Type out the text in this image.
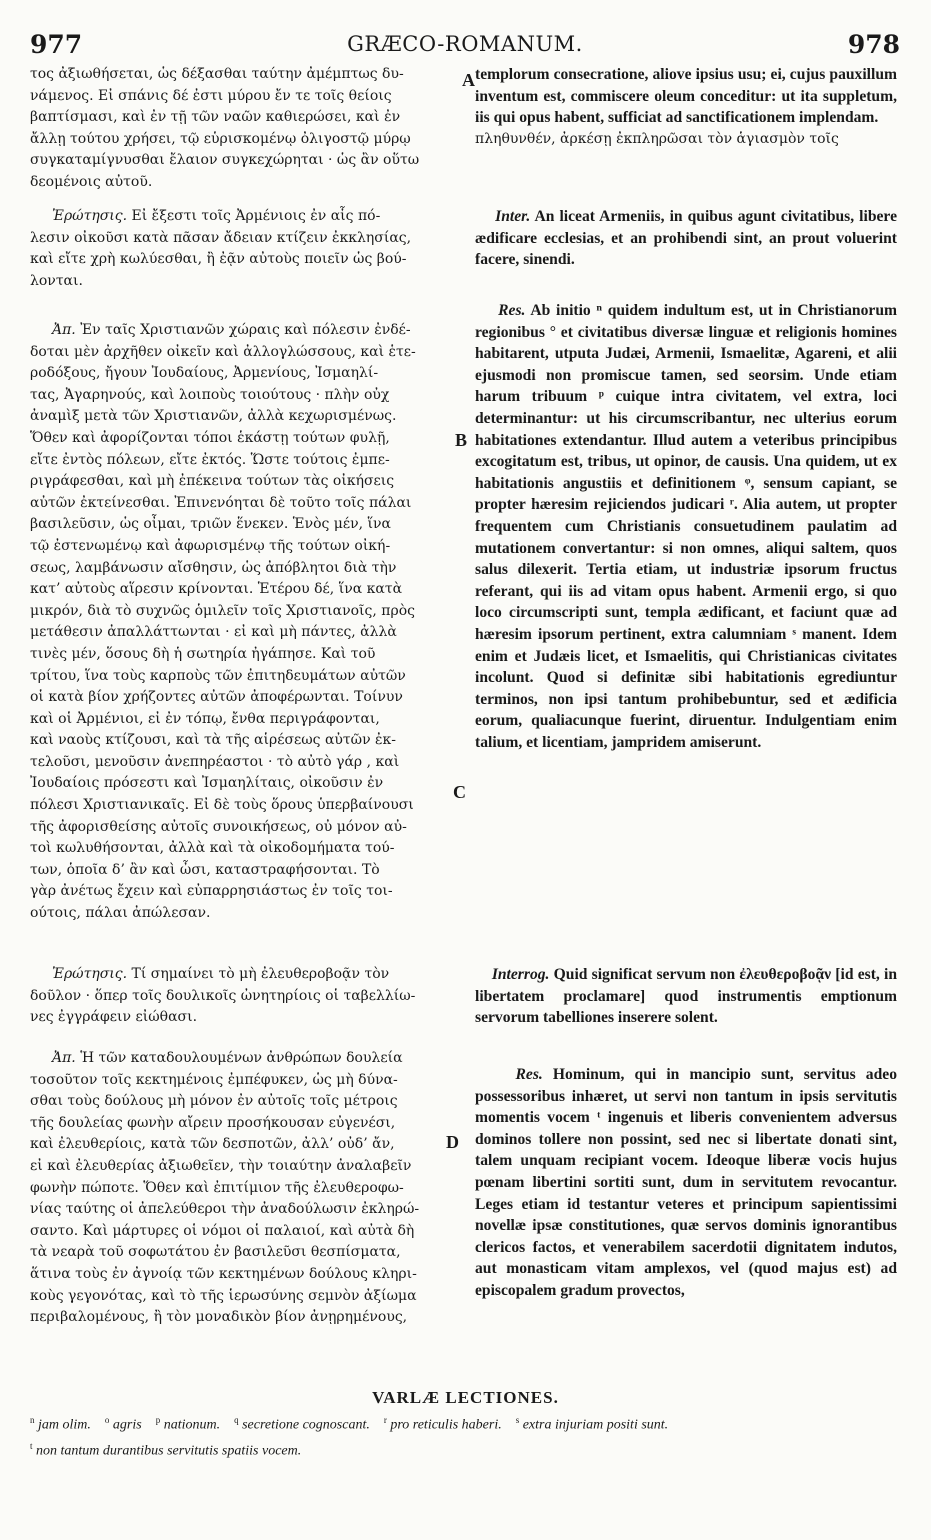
977	GRÆCO-ROMANUM.	978
A
B
C
D
τος ἀξιωθήσεται, ὡς δέξασθαι ταύτην ἀμέμπτως δυ-
νάμενος. Εἰ σπάνις δέ ἐστι μύρου ἔν τε τοῖς θείοις
βαπτίσμασι, καὶ ἐν τῇ τῶν ναῶν καθιερώσει, καὶ ἐν
ἄλλῃ τούτου χρήσει, τῷ εὑρισκομένῳ ὀλιγοστῷ μύρῳ
συγκαταμίγνυσθαι ἔλαιον συγκεχώρηται · ὡς ἂν οὕτω
δεομένοις αὐτοῦ.
Ἐρώτησις. Εἰ ἔξεστι τοῖς Ἀρμένιοις ἐν αἷς πό-
λεσιν οἰκοῦσι κατὰ πᾶσαν ἄδειαν κτίζειν ἐκκλησίας,
καὶ εἴτε χρὴ κωλύεσθαι, ἢ ἐᾷν αὐτοὺς ποιεῖν ὡς βού-
λονται.
Ἀπ. Ἐν ταῖς Χριστιανῶν χώραις καὶ πόλεσιν ἐνδέ-
δοται μὲν ἀρχῆθεν οἰκεῖν καὶ ἀλλογλώσσους, καὶ ἑτε-
ροδόξους, ἤγουν Ἰουδαίους, Ἀρμενίους, Ἰσμαηλί-
τας, Ἀγαρηνούς, καὶ λοιποὺς τοιούτους · πλὴν οὐχ
ἀναμὶξ μετὰ τῶν Χριστιανῶν, ἀλλὰ κεχωρισμένως.
Ὅθεν καὶ ἀφορίζονται τόποι ἑκάστῃ τούτων φυλῇ,
εἴτε ἐντὸς πόλεων, εἴτε ἐκτός. Ὥστε τούτοις ἐμπε-
ριγράφεσθαι, καὶ μὴ ἐπέκεινα τούτων τὰς οἰκήσεις
αὐτῶν ἐκτείνεσθαι. Ἐπινενόηται δὲ τοῦτο τοῖς πάλαι
βασιλεῦσιν, ὡς οἶμαι, τριῶν ἕνεκεν. Ἑνὸς μέν, ἵνα
τῷ ἐστενωμένῳ καὶ ἀφωρισμένῳ τῆς τούτων οἰκή-
σεως, λαμβάνωσιν αἴσθησιν, ὡς ἀπόβλητοι διὰ τὴν
κατ’ αὐτοὺς αἵρεσιν κρίνονται. Ἑτέρου δέ, ἵνα κατὰ
μικρόν, διὰ τὸ συχνῶς ὁμιλεῖν τοῖς Χριστιανοῖς, πρὸς
μετάθεσιν ἀπαλλάττωνται · εἰ καὶ μὴ πάντες, ἀλλὰ
τινὲς μέν, ὅσους δὴ ἡ σωτηρία ἠγάπησε. Καὶ τοῦ
τρίτου, ἵνα τοὺς καρποὺς τῶν ἐπιτηδευμάτων αὐτῶν
οἱ κατὰ βίον χρήζοντες αὐτῶν ἀποφέρωνται. Τοίνυν
καὶ οἱ Ἀρμένιοι, εἰ ἐν τόπῳ, ἔνθα περιγράφονται,
καὶ ναοὺς κτίζουσι, καὶ τὰ τῆς αἱρέσεως αὐτῶν ἐκ-
τελοῦσι, μενοῦσιν ἀνεπηρέαστοι · τὸ αὐτὸ γάρ , καὶ
Ἰουδαίοις πρόσεστι καὶ Ἰσμαηλίταις, οἰκοῦσιν ἐν
πόλεσι Χριστιανικαῖς. Εἰ δὲ τοὺς ὅρους ὑπερβαίνουσι
τῆς ἀφορισθείσης αὐτοῖς συνοικήσεως, οὐ μόνον αὐ-
τοὶ κωλυθήσονται, ἀλλὰ καὶ τὰ οἰκοδομήματα τού-
των, ὁποῖα δ’ ἂν καὶ ὦσι, καταστραφήσονται. Τὸ
γὰρ ἀνέτως ἔχειν καὶ εὐπαρρησιάστως ἐν τοῖς τοι-
ούτοις, πάλαι ἀπώλεσαν.
Ἐρώτησις. Τί σημαίνει τὸ μὴ ἐλευθεροβοᾷν τὸν
δοῦλον · ὅπερ τοῖς δουλικοῖς ὠνητηρίοις οἱ ταβελλίω-
νες ἐγγράφειν εἰώθασι.
Ἀπ. Ἡ τῶν καταδουλουμένων ἀνθρώπων δουλεία
τοσοῦτον τοῖς κεκτημένοις ἐμπέφυκεν, ὡς μὴ δύνα-
σθαι τοὺς δούλους μὴ μόνον ἐν αὐτοῖς τοῖς μέτροις
τῆς δουλείας φωνὴν αἴρειν προσήκουσαν εὐγενέσι,
καὶ ἐλευθερίοις, κατὰ τῶν δεσποτῶν, ἀλλ’ οὐδ’ ἄν,
εἰ καὶ ἐλευθερίας ἀξιωθεῖεν, τὴν τοιαύτην ἀναλαβεῖν
φωνὴν πώποτε. Ὅθεν καὶ ἐπιτίμιον τῆς ἐλευθεροφω-
νίας ταύτης οἱ ἀπελεύθεροι τὴν ἀναδούλωσιν ἐκληρώ-
σαντο. Καὶ μάρτυρες οἱ νόμοι οἱ παλαιοί, καὶ αὐτὰ δὴ
τὰ νεαρὰ τοῦ σοφωτάτου ἐν βασιλεῦσι θεσπίσματα,
ἅτινα τοὺς ἐν ἀγνοίᾳ τῶν κεκτημένων δούλους κληρι-
κοὺς γεγονότας, καὶ τὸ τῆς ἱερωσύνης σεμνὸν ἀξίωμα
περιβαλομένους, ἢ τὸν μοναδικὸν βίον ἀνῃρημένους,
templorum consecratione, aliove ipsius usu; ei, cujus pauxillum inventum est, commiscere oleum conceditur: ut ita suppletum, iis qui opus habent, sufficiat ad sanctificationem implendam.
πληθυνθέν, ἀρκέσῃ ἐκπληρῶσαι τὸν ἁγιασμὸν τοῖς
Inter. An liceat Armeniis, in quibus agunt civitatibus, libere ædificare ecclesias, et an prohibendi sint, an prout voluerint facere, sinendi.
Res. Ab initio ⁿ quidem indultum est, ut in Christianorum regionibus ° et civitatibus diversæ linguæ et religionis homines habitarent, utputa Judæi, Armenii, Ismaelitæ, Agareni, et alii ejusmodi non promiscue tamen, sed seorsim. Unde etiam harum tribuum ᵖ cuique intra civitatem, vel extra, loci determinantur: ut his circumscribantur, nec ulterius eorum habitationes extendantur. Illud autem a veteribus principibus excogitatum est, tribus, ut opinor, de causis. Una quidem, ut ex habitationis angustiis et definitionem ᵠ, sensum capiant, se propter hæresim rejiciendos judicari ʳ. Alia autem, ut propter frequentem cum Christianis consuetudinem paulatim ad mutationem convertantur: si non omnes, aliqui saltem, quos salus dilexerit. Tertia etiam, ut industriæ ipsorum fructus referant, qui iis ad vitam opus habent. Armenii ergo, si quo loco circumscripti sunt, templa ædificant, et faciunt quæ ad hæresim ipsorum pertinent, extra calumniam ˢ manent. Idem enim et Judæis licet, et Ismaelitis, qui Christianicas civitates incolunt. Quod si definitæ sibi habitationis egrediuntur terminos, non ipsi tantum prohibebuntur, sed et ædificia eorum, qualiacunque fuerint, diruentur. Indulgentiam enim talium, et licentiam, jampridem amiserunt.
Interrog. Quid significat servum non ἐλευθεροβοᾷν [id est, in libertatem proclamare] quod instrumentis emptionum servorum tabelliones inserere solent.
Res. Hominum, qui in mancipio sunt, servitus adeo possessoribus inhæret, ut servi non tantum in ipsis servitutis momentis vocem ᵗ ingenuis et liberis convenientem adversus dominos tollere non possint, sed nec si libertate donati sint, talem unquam recipiant vocem. Ideoque liberæ vocis hujus pœnam libertini sortiti sunt, dum in servitutem revocantur. Leges etiam id testantur veteres et principum sapientissimi novellæ ipsæ constitutiones, quæ servos dominis ignorantibus clericos factos, et venerabilem sacerdotii dignitatem indutos, aut monasticam vitam amplexos, vel (quod majus est) ad episcopalem gradum provectos,
VARLÆ LECTIONES.
$^n$ jam olim. $^o$ agris $^p$ nationum. $^q$ secretione cognoscant. $^r$ pro reticulis haberi. $^s$ extra injuriam positi sunt.$^t$ non tantum durantibus servitutis spatiis vocem.
